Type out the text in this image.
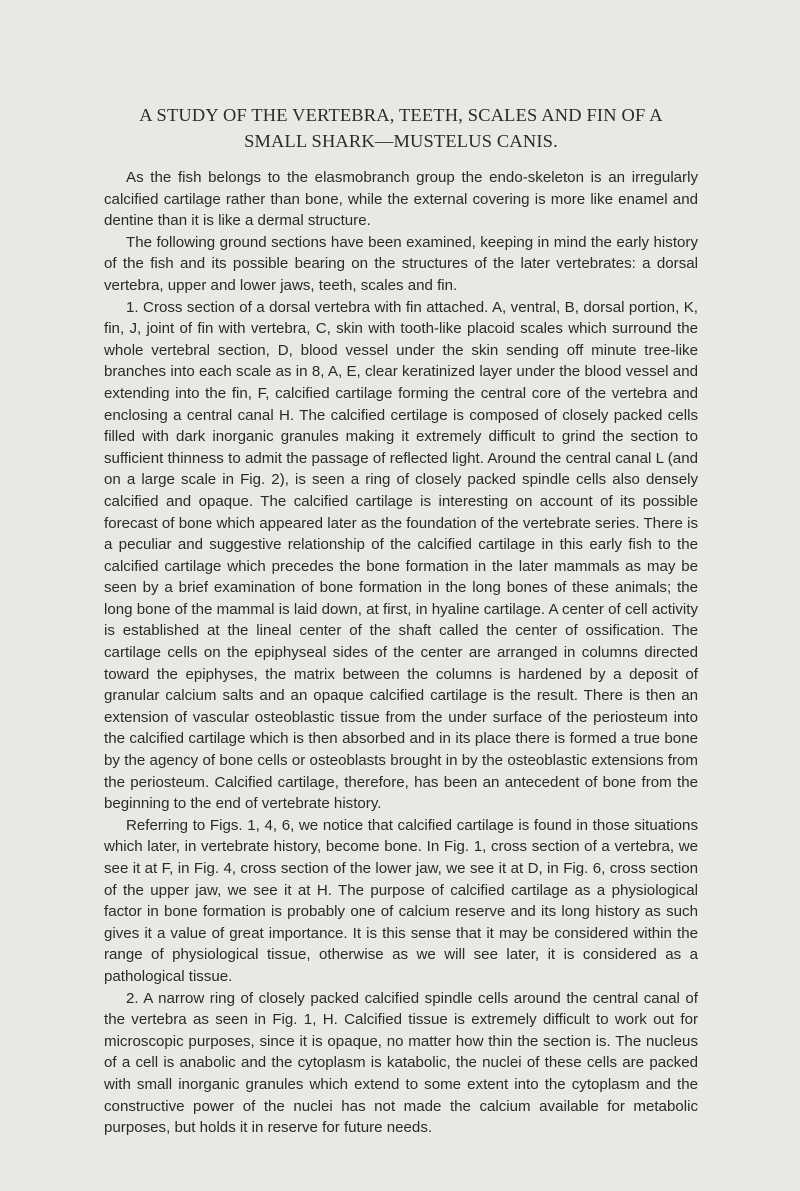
A STUDY OF THE VERTEBRA, TEETH, SCALES AND FIN OF A
SMALL SHARK—MUSTELUS CANIS.

As the fish belongs to the elasmobranch group the endo-skeleton is an irregularly calcified cartilage rather than bone, while the external covering is more like enamel and dentine than it is like a dermal structure.

The following ground sections have been examined, keeping in mind the early history of the fish and its possible bearing on the structures of the later vertebrates: a dorsal vertebra, upper and lower jaws, teeth, scales and fin.

1. Cross section of a dorsal vertebra with fin attached. A, ventral, B, dorsal portion, K, fin, J, joint of fin with vertebra, C, skin with tooth-like placoid scales which surround the whole vertebral section, D, blood vessel under the skin sending off minute tree-like branches into each scale as in 8, A, E, clear keratinized layer under the blood vessel and extending into the fin, F, calcified cartilage forming the central core of the vertebra and enclosing a central canal H. The calcified certilage is composed of closely packed cells filled with dark inorganic granules making it extremely difficult to grind the section to sufficient thinness to admit the passage of reflected light. Around the central canal L (and on a large scale in Fig. 2), is seen a ring of closely packed spindle cells also densely calcified and opaque. The calcified cartilage is interesting on account of its possible forecast of bone which appeared later as the foundation of the vertebrate series. There is a peculiar and suggestive relationship of the calcified cartilage in this early fish to the calcified cartilage which precedes the bone formation in the later mammals as may be seen by a brief examination of bone formation in the long bones of these animals; the long bone of the mammal is laid down, at first, in hyaline cartilage. A center of cell activity is established at the lineal center of the shaft called the center of ossification. The cartilage cells on the epiphyseal sides of the center are arranged in columns directed toward the epiphyses, the matrix between the columns is hardened by a deposit of granular calcium salts and an opaque calcified cartilage is the result. There is then an extension of vascular osteoblastic tissue from the under surface of the periosteum into the calcified cartilage which is then absorbed and in its place there is formed a true bone by the agency of bone cells or osteoblasts brought in by the osteoblastic extensions from the periosteum. Calcified cartilage, therefore, has been an antecedent of bone from the beginning to the end of vertebrate history.

Referring to Figs. 1, 4, 6, we notice that calcified cartilage is found in those situations which later, in vertebrate history, become bone. In Fig. 1, cross section of a vertebra, we see it at F, in Fig. 4, cross section of the lower jaw, we see it at D, in Fig. 6, cross section of the upper jaw, we see it at H. The purpose of calcified cartilage as a physiological factor in bone formation is probably one of calcium reserve and its long history as such gives it a value of great importance. It is this sense that it may be considered within the range of physiological tissue, otherwise as we will see later, it is considered as a pathological tissue.

2. A narrow ring of closely packed calcified spindle cells around the central canal of the vertebra as seen in Fig. 1, H. Calcified tissue is extremely difficult to work out for microscopic purposes, since it is opaque, no matter how thin the section is. The nucleus of a cell is anabolic and the cytoplasm is katabolic, the nuclei of these cells are packed with small inorganic granules which extend to some extent into the cytoplasm and the constructive power of the nuclei has not made the calcium available for metabolic purposes, but holds it in reserve for future needs.
